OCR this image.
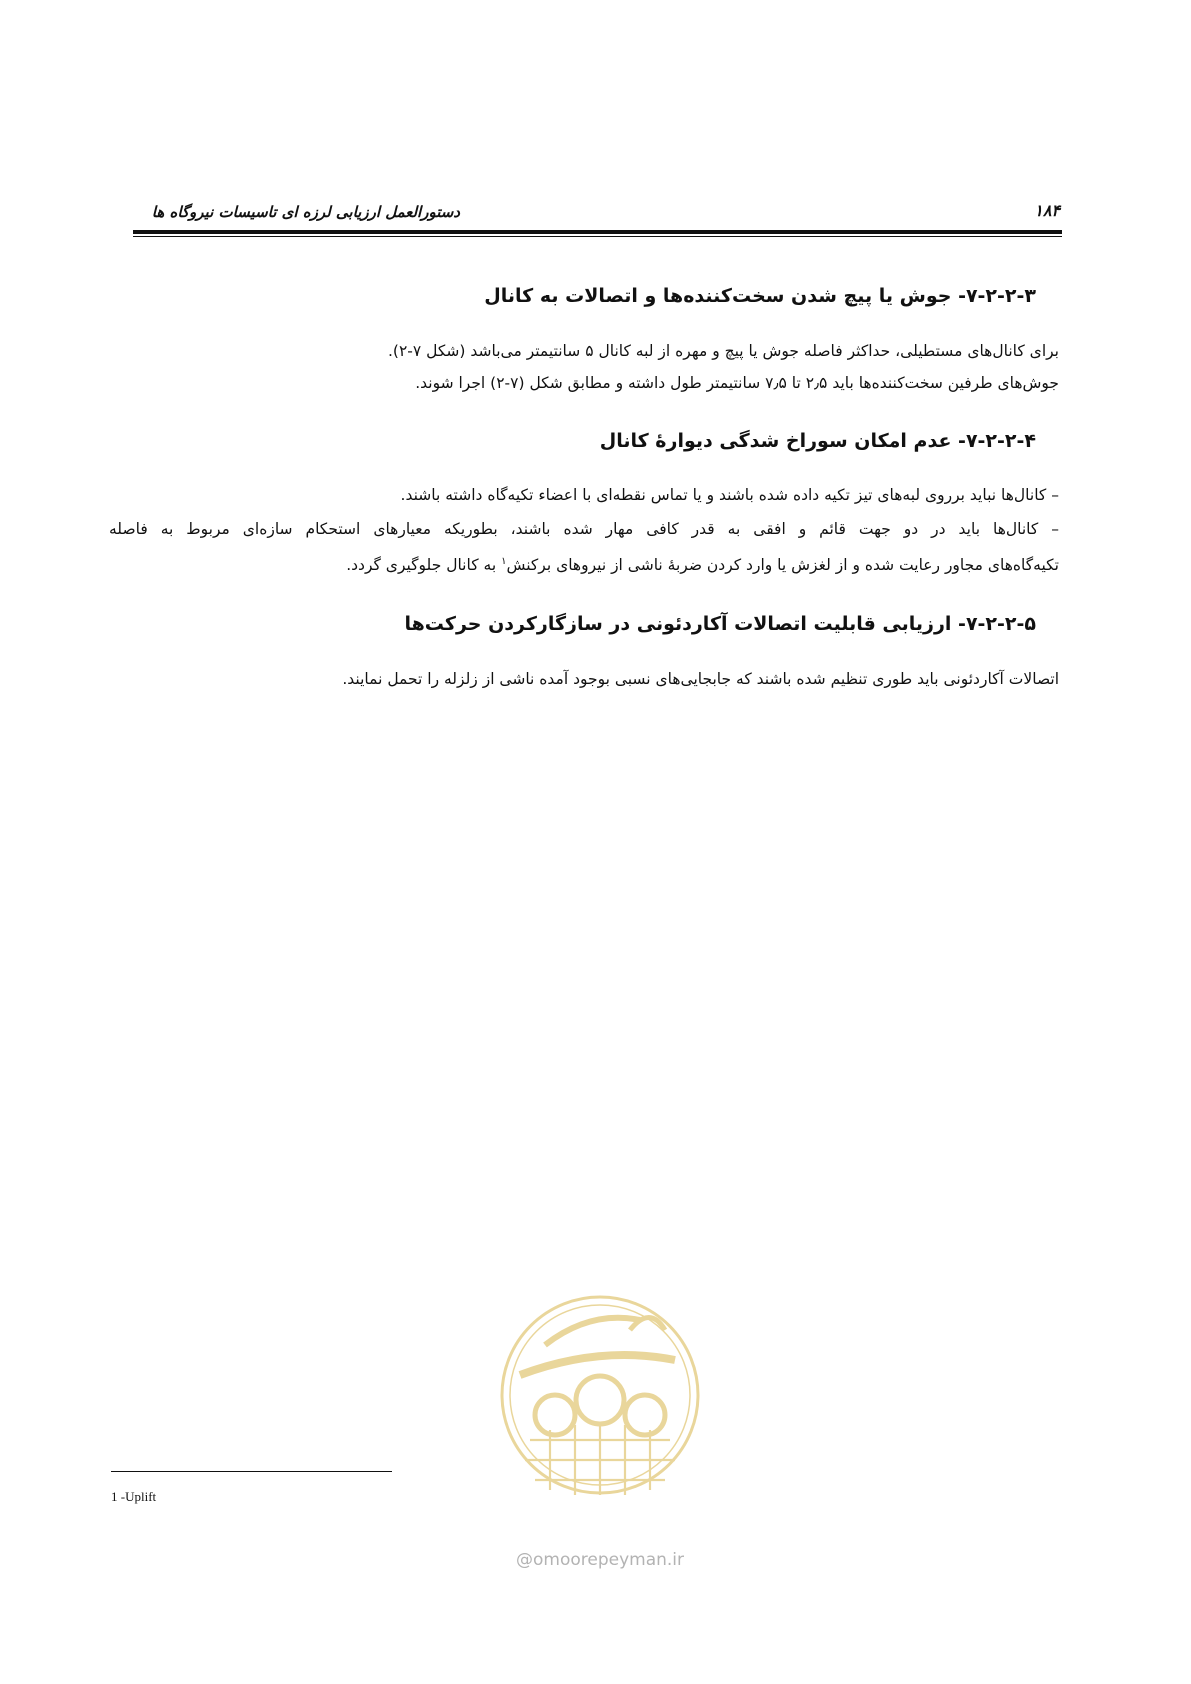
دستورالعمل ارزیابی لرزه ای تاسیسات نیروگاه ها	۱۸۴
۷-۲-۲-۳- جوش یا پیچ شدن سخت‌کننده‌ها و اتصالات به کانال
برای کانال‌های مستطیلی، حداکثر فاصله جوش یا پیچ و مهره از لبه کانال ۵ سانتیمتر می‌باشد (شکل ۷-۲).
جوش‌های طرفین سخت‌کننده‌ها باید ۲٫۵ تا ۷٫۵ سانتیمتر طول داشته و مطابق شکل (۷-۲) اجرا شوند.
۷-۲-۲-۴- عدم امکان سوراخ شدگی دیوارهٔ کانال
– کانال‌ها نباید برروی لبه‌های تیز تکیه داده شده باشند و یا تماس نقطه‌ای با اعضاء تکیه‌گاه داشته باشند.
– کانال‌ها باید در دو جهت قائم و افقی به قدر کافی مهار شده باشند، بطوریکه معیارهای استحکام سازه‌ای مربوط به فاصله
تکیه‌گاه‌های مجاور رعایت شده و از لغزش یا وارد کردن ضربهٔ ناشی از نیروهای برکنش$^۱$ به کانال جلوگیری گردد.
۷-۲-۲-۵- ارزیابی قابلیت اتصالات آکاردئونی در سازگارکردن حرکت‌ها
اتصالات آکاردئونی باید طوری تنظیم شده باشند که جابجایی‌های نسبی بوجود آمده ناشی از زلزله را تحمل نمایند.
@omoorepeyman.ir
1 -Uplift
